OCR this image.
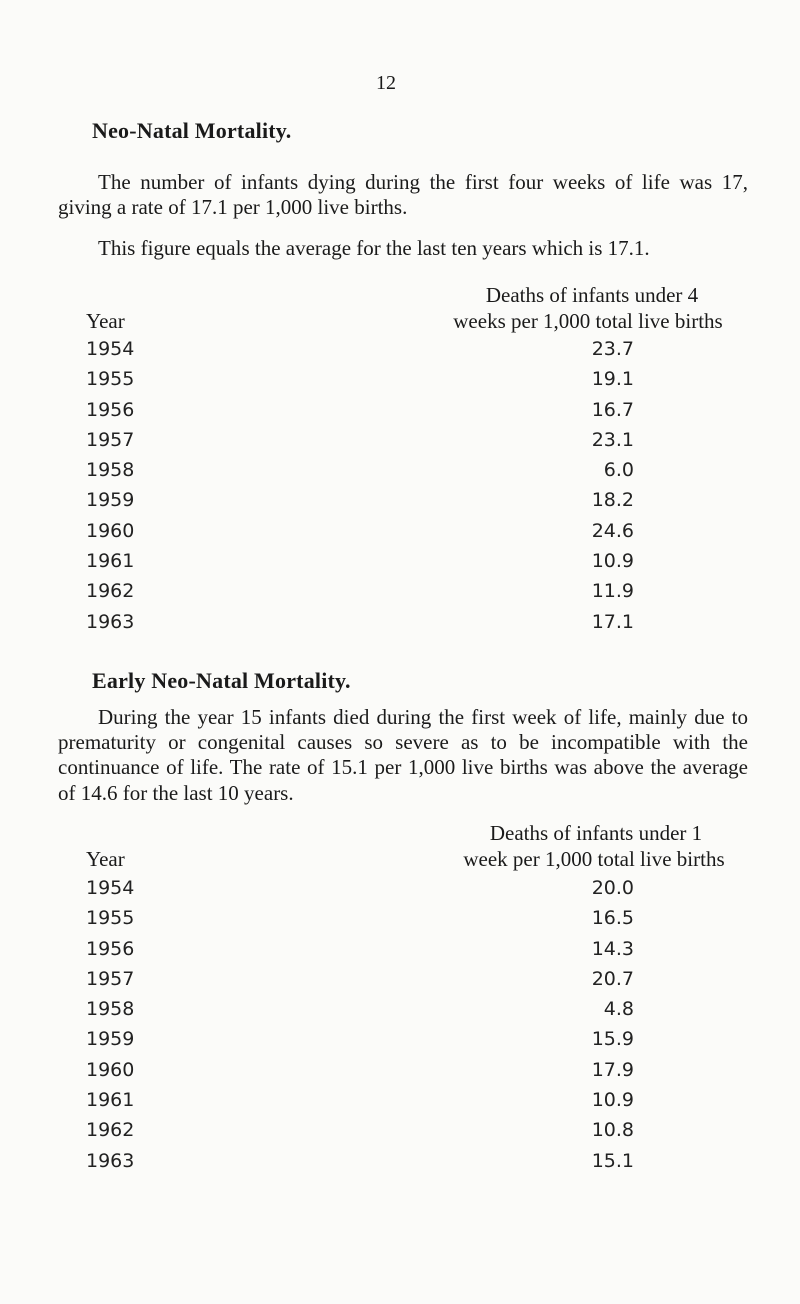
12
Neo-Natal Mortality.
The number of infants dying during the first four weeks of life was 17, giving a rate of 17.1 per 1,000 live births.
This figure equals the average for the last ten years which is 17.1.
Year
Deaths of infants under 4
weeks per 1,000 total live births
1954	23.7
1955	19.1
1956	16.7
1957	23.1
1958	6.0
1959	18.2
1960	24.6
1961	10.9
1962	11.9
1963	17.1
Early Neo-Natal Mortality.
During the year 15 infants died during the first week of life, mainly due to prematurity or congenital causes so severe as to be incompatible with the continuance of life. The rate of 15.1 per 1,000 live births was above the average of 14.6 for the last 10 years.
Year
Deaths of infants under 1
week per 1,000 total live births
1954	20.0
1955	16.5
1956	14.3
1957	20.7
1958	4.8
1959	15.9
1960	17.9
1961	10.9
1962	10.8
1963	15.1
